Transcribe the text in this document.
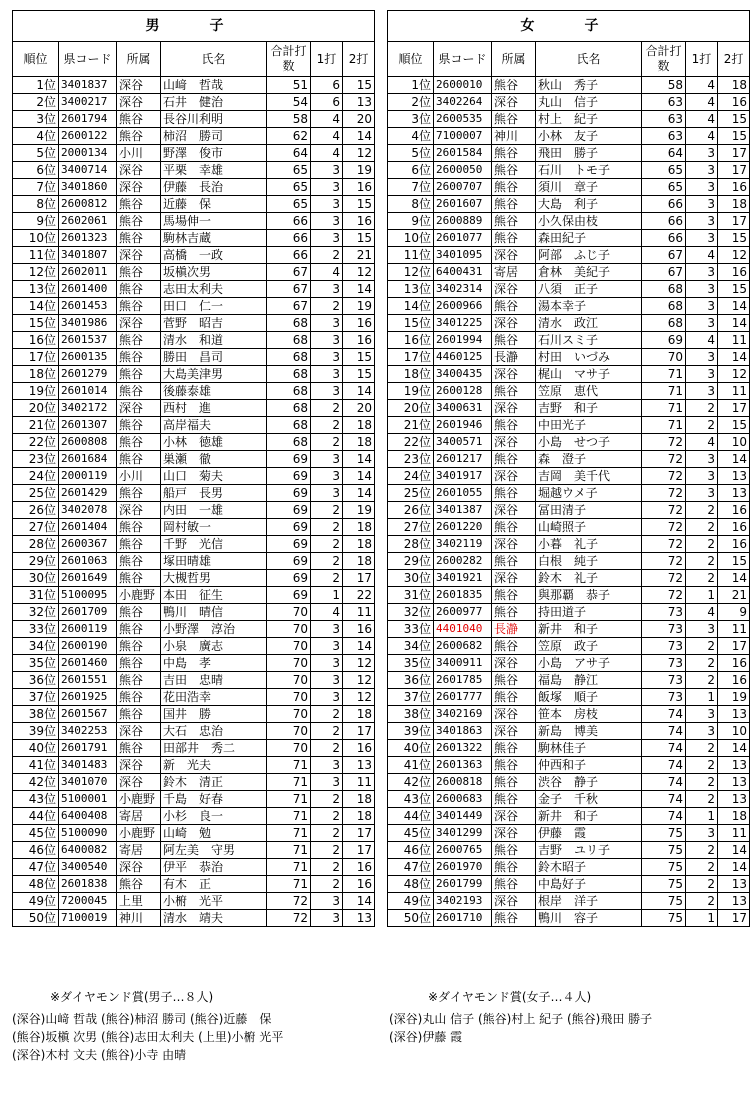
男　子						
順位	県コード	所属	氏名	合計打数	1打	2打
1位	3401837	深谷	山﨑　哲哉	51	6	15
2位	3400217	深谷	石井　健治	54	6	13
3位	2601794	熊谷	長谷川利明	58	4	20
4位	2600122	熊谷	柿沼　勝司	62	4	14
5位	2000134	小川	野澤　俊市	64	4	12
6位	3400714	深谷	平栗　幸雄	65	3	19
7位	3401860	深谷	伊藤　長治	65	3	16
8位	2600812	熊谷	近藤　保	65	3	15
9位	2602061	熊谷	馬場伸一	66	3	16
10位	2601323	熊谷	駒林吉蔵	66	3	15
11位	3401807	深谷	高橋　一政	66	2	21
12位	2602011	熊谷	坂槇次男	67	4	12
13位	2601400	熊谷	志田太利夫	67	3	14
14位	2601453	熊谷	田口　仁一	67	2	19
15位	3401986	深谷	菅野　昭吉	68	3	16
16位	2601537	熊谷	清水　和道	68	3	16
17位	2600135	熊谷	勝田　昌司	68	3	15
18位	2601279	熊谷	大島美津男	68	3	15
19位	2601014	熊谷	後藤泰雄	68	3	14
20位	3402172	深谷	西村　進	68	2	20
21位	2601307	熊谷	高岸福夫	68	2	18
22位	2600808	熊谷	小林　徳雄	68	2	18
23位	2601684	熊谷	巣瀬　徹	69	3	14
24位	2000119	小川	山口　菊夫	69	3	14
25位	2601429	熊谷	船戸　長男	69	3	14
26位	3402078	深谷	内田　一雄	69	2	19
27位	2601404	熊谷	岡村敏一	69	2	18
28位	2600367	熊谷	千野　光信	69	2	18
29位	2601063	熊谷	塚田晴雄	69	2	18
30位	2601649	熊谷	大槻哲男	69	2	17
31位	5100095	小鹿野	本田　征生	69	1	22
32位	2601709	熊谷	鴨川　晴信	70	4	11
33位	2600119	熊谷	小野澤　淳治	70	3	16
34位	2600190	熊谷	小泉　廣志	70	3	14
35位	2601460	熊谷	中島　孝	70	3	12
36位	2601551	熊谷	吉田　忠晴	70	3	12
37位	2601925	熊谷	花田浩幸	70	3	12
38位	2601567	熊谷	国井　勝	70	2	18
39位	3402253	深谷	大石　忠治	70	2	17
40位	2601791	熊谷	田部井　秀二	70	2	16
41位	3401483	深谷	新　光夫	71	3	13
42位	3401070	深谷	鈴木　清正	71	3	11
43位	5100001	小鹿野	千島　好春	71	2	18
44位	6400408	寄居	小杉　良一	71	2	18
45位	5100090	小鹿野	山崎　勉	71	2	17
46位	6400082	寄居	阿左美　守男	71	2	17
47位	3400540	深谷	伊平　恭治	71	2	16
48位	2601838	熊谷	有木　正	71	2	16
49位	7200045	上里	小椨　光平	72	3	14
50位	7100019	神川	清水　靖夫	72	3	13
女　子						
順位	県コード	所属	氏名	合計打数	1打	2打
1位	2600010	熊谷	秋山　秀子	58	4	18
2位	3402264	深谷	丸山　信子	63	4	16
3位	2600535	熊谷	村上　紀子	63	4	15
4位	7100007	神川	小林　友子	63	4	15
5位	2601584	熊谷	飛田　勝子	64	3	17
6位	2600050	熊谷	石川　トモ子	65	3	17
7位	2600707	熊谷	須川　章子	65	3	16
8位	2601607	熊谷	大島　利子	66	3	18
9位	2600889	熊谷	小久保由枝	66	3	17
10位	2601077	熊谷	森田紀子	66	3	15
11位	3401095	深谷	阿部　ふじ子	67	4	12
12位	6400431	寄居	倉林　美紀子	67	3	16
13位	3402314	深谷	八須　正子	68	3	15
14位	2600966	熊谷	湯本幸子	68	3	14
15位	3401225	深谷	清水　政江	68	3	14
16位	2601994	熊谷	石川スミ子	69	4	11
17位	4460125	長瀞	村田　いづみ	70	3	14
18位	3400435	深谷	梶山　マサ子	71	3	12
19位	2600128	熊谷	笠原　恵代	71	3	11
20位	3400631	深谷	吉野　和子	71	2	17
21位	2601946	熊谷	中田光子	71	2	15
22位	3400571	深谷	小島　せつ子	72	4	10
23位	2601217	熊谷	森　澄子	72	3	14
24位	3401917	深谷	吉岡　美千代	72	3	13
25位	2601055	熊谷	堀越ウメ子	72	3	13
26位	3401387	深谷	冨田清子	72	2	16
27位	2601220	熊谷	山崎照子	72	2	16
28位	3402119	深谷	小暮　礼子	72	2	16
29位	2600282	熊谷	白根　純子	72	2	15
30位	3401921	深谷	鈴木　礼子	72	2	14
31位	2601835	熊谷	與那覇　恭子	72	1	21
32位	2600977	熊谷	持田道子	73	4	9
33位	4401040	長瀞	新井　和子	73	3	11
34位	2600682	熊谷	笠原　政子	73	2	17
35位	3400911	深谷	小島　アサ子	73	2	16
36位	2601785	熊谷	福島　静江	73	2	16
37位	2601777	熊谷	飯塚　順子	73	1	19
38位	3402169	深谷	笹本　房枝	74	3	13
39位	3401863	深谷	新島　博美	74	3	10
40位	2601322	熊谷	駒林佳子	74	2	14
41位	2601363	熊谷	仲西和子	74	2	13
42位	2600818	熊谷	渋谷　静子	74	2	13
43位	2600683	熊谷	金子　千秋	74	2	13
44位	3401449	深谷	新井　和子	74	1	18
45位	3401299	深谷	伊藤　霞	75	3	11
46位	2600765	熊谷	吉野　ユリ子	75	2	14
47位	2601970	熊谷	鈴木昭子	75	2	14
48位	2601799	熊谷	中島好子	75	2	13
49位	3402193	深谷	根岸　洋子	75	2	13
50位	2601710	熊谷	鴨川　容子	75	1	17
※ダイヤモンド賞(男子…８人)	※ダイヤモンド賞(女子…４人)
(深谷)山﨑 哲哉 (熊谷)柿沼 勝司 (熊谷)近藤　保
(熊谷)坂槇 次男 (熊谷)志田太利夫 (上里)小椨 光平
(深谷)木村 文夫 (熊谷)小寺 由晴
(深谷)丸山 信子 (熊谷)村上 紀子 (熊谷)飛田 勝子
(深谷)伊藤 霞
